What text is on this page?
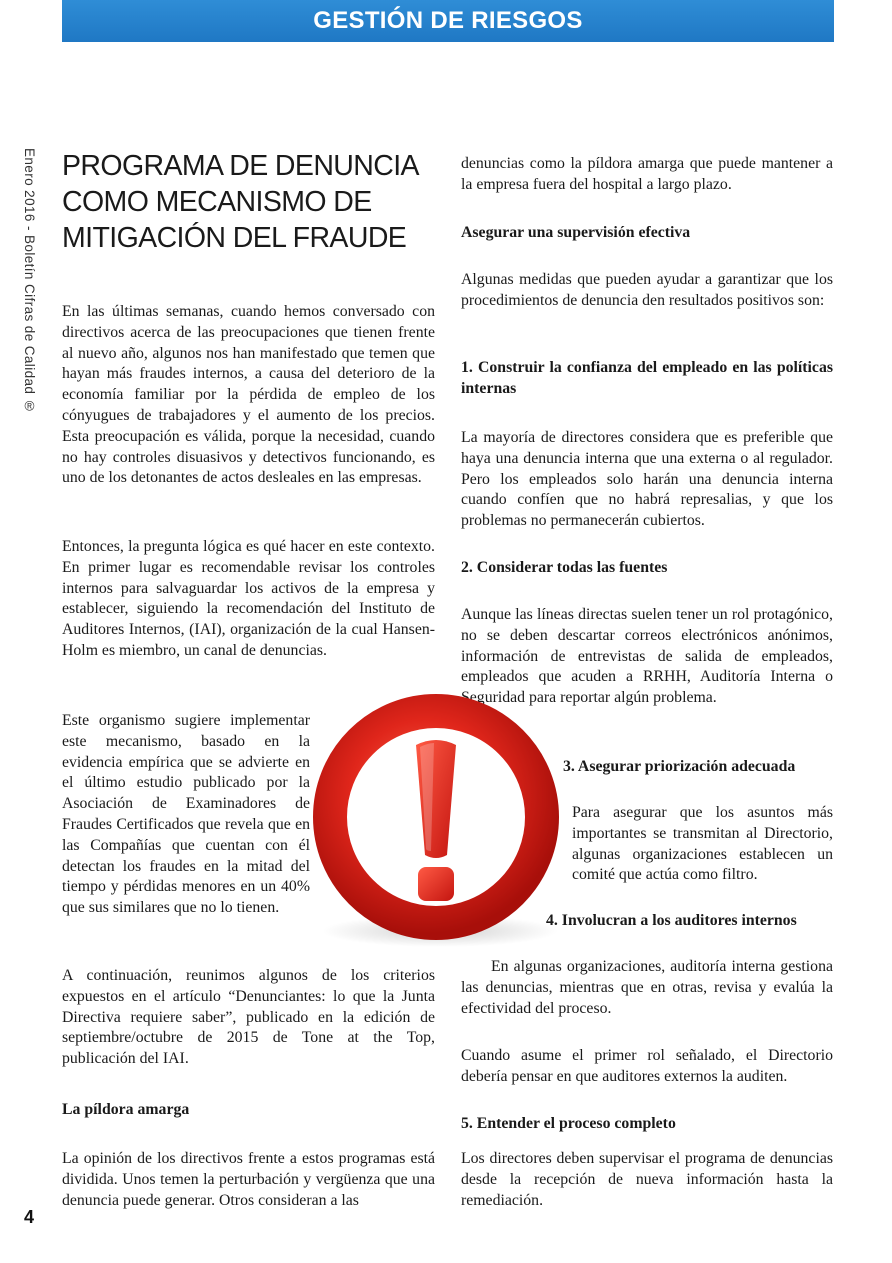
GESTIÓN DE RIESGOS
Enero 2016 - Boletín Cifras de Calidad ® PROGRAMA DE DENUNCIA COMO MECANISMO DE MITIGACIÓN DEL FRAUDE

En las últimas semanas, cuando hemos conversado con directivos acerca de las preocupaciones que tienen frente al nuevo año, algunos nos han manifestado que temen que hayan más fraudes internos, a causa del deterioro de la economía familiar por la pérdida de empleo de los cónyugues de trabajadores y el aumento de los precios. Esta preocupación es válida, porque la necesidad, cuando no hay controles disuasivos y detectivos funcionando, es uno de los detonantes de actos desleales en las empresas.

Entonces, la pregunta lógica es qué hacer en este contexto. En primer lugar es recomendable revisar los controles internos para salvaguardar los activos de la empresa y establecer, siguiendo la recomendación del Instituto de Auditores Internos, (IAI), organización de la cual Hansen-Holm es miembro, un canal de denuncias.

Este organismo sugiere implementar este mecanismo, basado en la evidencia empírica que se advierte en el último estudio publicado por la Asociación de Examinadores de Fraudes Certificados que revela que en las Compañías que cuentan con él detectan los fraudes en la mitad del tiempo y pérdidas menores en un 40% que sus similares que no lo tienen.

A continuación, reunimos algunos de los criterios expuestos en el artículo “Denunciantes: lo que la Junta Directiva requiere saber”, publicado en la edición de septiembre/octubre de 2015 de Tone at the Top, publicación del IAI.

La píldora amarga

La opinión de los directivos frente a estos programas está dividida. Unos temen la perturbación y vergüenza que una denuncia puede generar. Otros consideran a las

denuncias como la píldora amarga que puede mantener a la empresa fuera del hospital a largo plazo.

Asegurar una supervisión efectiva

Algunas medidas que pueden ayudar a garantizar que los procedimientos de denuncia den resultados positivos son:

1. Construir la confianza del empleado en las políticas internas

La mayoría de directores considera que es preferible que haya una denuncia interna que una externa o al regulador. Pero los empleados solo harán una denuncia interna cuando confíen que no habrá represalias, y que los problemas no permanecerán cubiertos.

2. Considerar todas las fuentes

Aunque las líneas directas suelen tener un rol protagónico, no se deben descartar correos electrónicos anónimos, información de entrevistas de salida de empleados, empleados que acuden a RRHH, Auditoría Interna o Seguridad para reportar algún problema.

3. Asegurar priorización adecuada

Para asegurar que los asuntos más importantes se transmitan al Directorio, algunas organizaciones establecen un comité que actúa como filtro.

4. Involucran a los auditores internos

En algunas organizaciones, auditoría interna gestiona las denuncias, mientras que en otras, revisa y evalúa la efectividad del proceso.

Cuando asume el primer rol señalado, el Directorio debería pensar en que auditores externos la auditen.

5. Entender el proceso completo

Los directores deben supervisar el programa de denuncias desde la recepción de nueva información hasta la remediación.

4
